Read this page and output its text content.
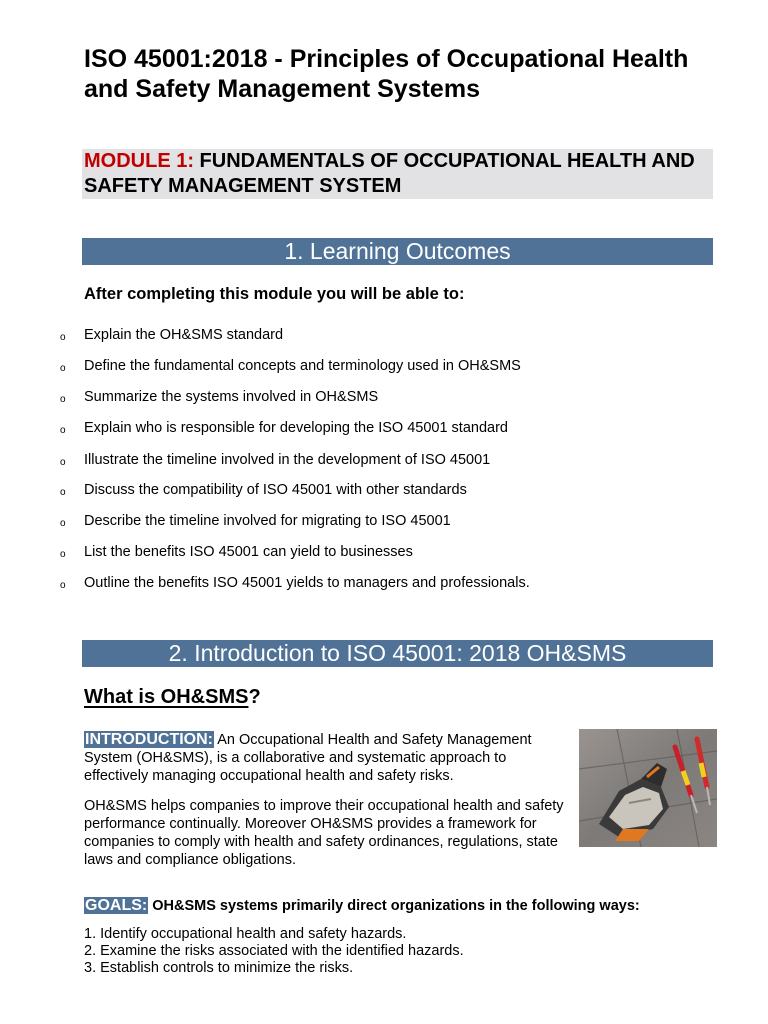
ISO 45001:2018 - Principles of Occupational Health and Safety Management Systems
MODULE 1: FUNDAMENTALS OF OCCUPATIONAL HEALTH AND SAFETY MANAGEMENT SYSTEM
1. Learning Outcomes
After completing this module you will be able to:
o Explain the OH&SMS standard
o Define the fundamental concepts and terminology used in OH&SMS
o Summarize the systems involved in OH&SMS
o Explain who is responsible for developing the ISO 45001 standard
o Illustrate the timeline involved in the development of ISO 45001
o Discuss the compatibility of ISO 45001 with other standards
o Describe the timeline involved for migrating to ISO 45001
o List the benefits ISO 45001 can yield to businesses
o Outline the benefits ISO 45001 yields to managers and professionals.
2. Introduction to ISO 45001: 2018 OH&SMS
What is OH&SMS?
INTRODUCTION: An Occupational Health and Safety Management System (OH&SMS), is a collaborative and systematic approach to effectively managing occupational health and safety risks.
OH&SMS helps companies to improve their occupational health and safety performance continually. Moreover OH&SMS provides a framework for companies to comply with health and safety ordinances, regulations, state laws and compliance obligations.
GOALS: OH&SMS systems primarily direct organizations in the following ways:
1. Identify occupational health and safety hazards.
2. Examine the risks associated with the identified hazards.
3. Establish controls to minimize the risks.
